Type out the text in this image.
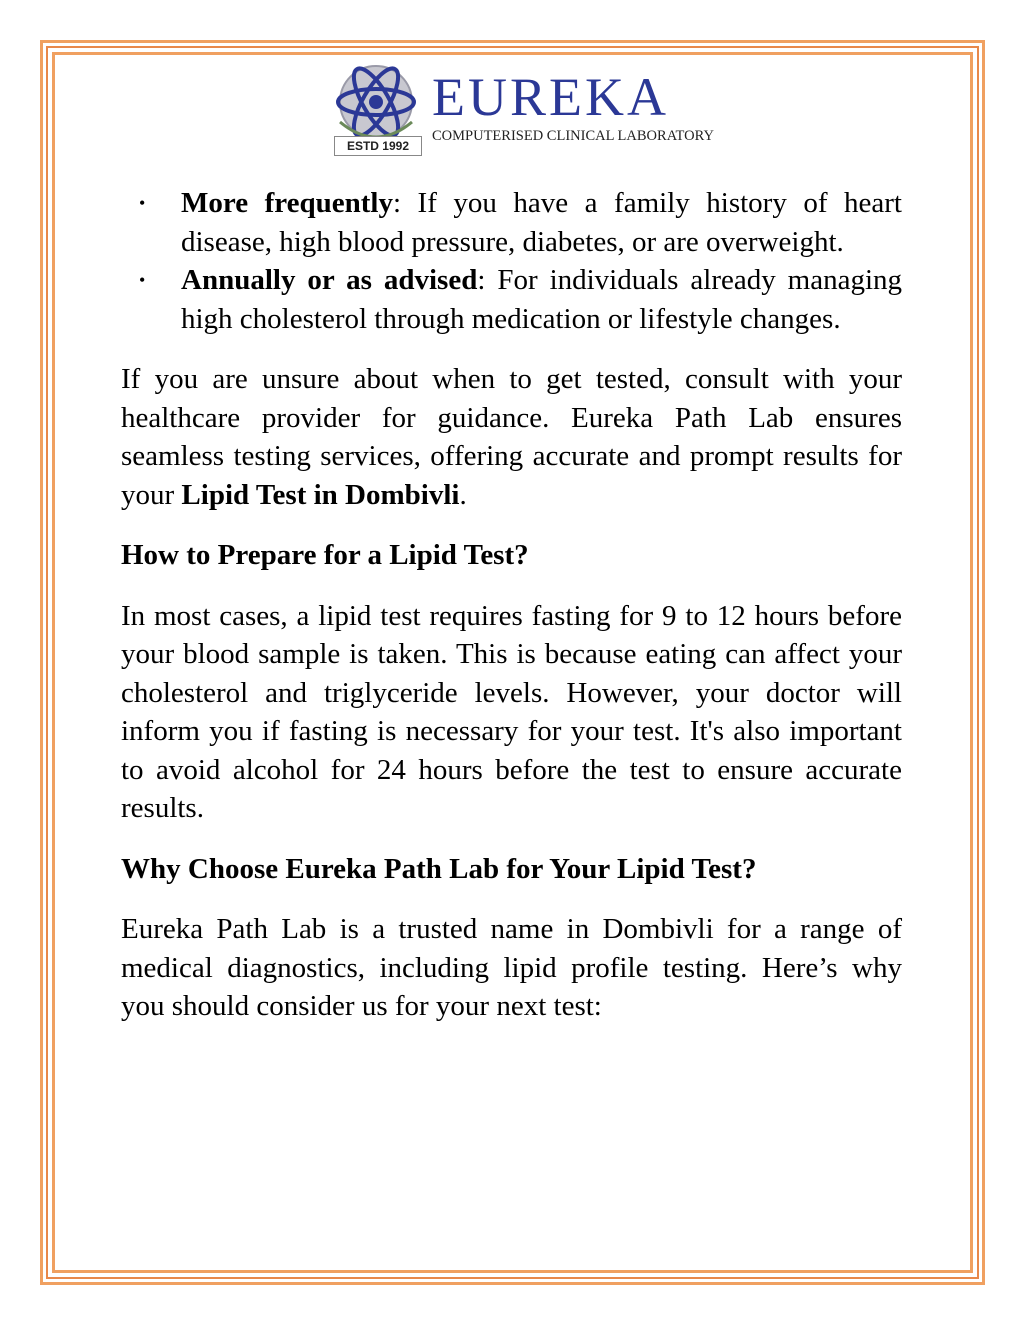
ESTD 1992
EUREKA
COMPUTERISED CLINICAL LABORATORY
• More frequently: If you have a family history of heart disease, high blood pressure, diabetes, or are overweight.
• Annually or as advised: For individuals already managing high cholesterol through medication or lifestyle changes.

If you are unsure about when to get tested, consult with your healthcare provider for guidance. Eureka Path Lab ensures seamless testing services, offering accurate and prompt results for your Lipid Test in Dombivli.

How to Prepare for a Lipid Test?

In most cases, a lipid test requires fasting for 9 to 12 hours before your blood sample is taken. This is because eating can affect your cholesterol and triglyceride levels. However, your doctor will inform you if fasting is necessary for your test. It's also important to avoid alcohol for 24 hours before the test to ensure accurate results.

Why Choose Eureka Path Lab for Your Lipid Test?

Eureka Path Lab is a trusted name in Dombivli for a range of medical diagnostics, including lipid profile testing. Here’s why you should consider us for your next test:
